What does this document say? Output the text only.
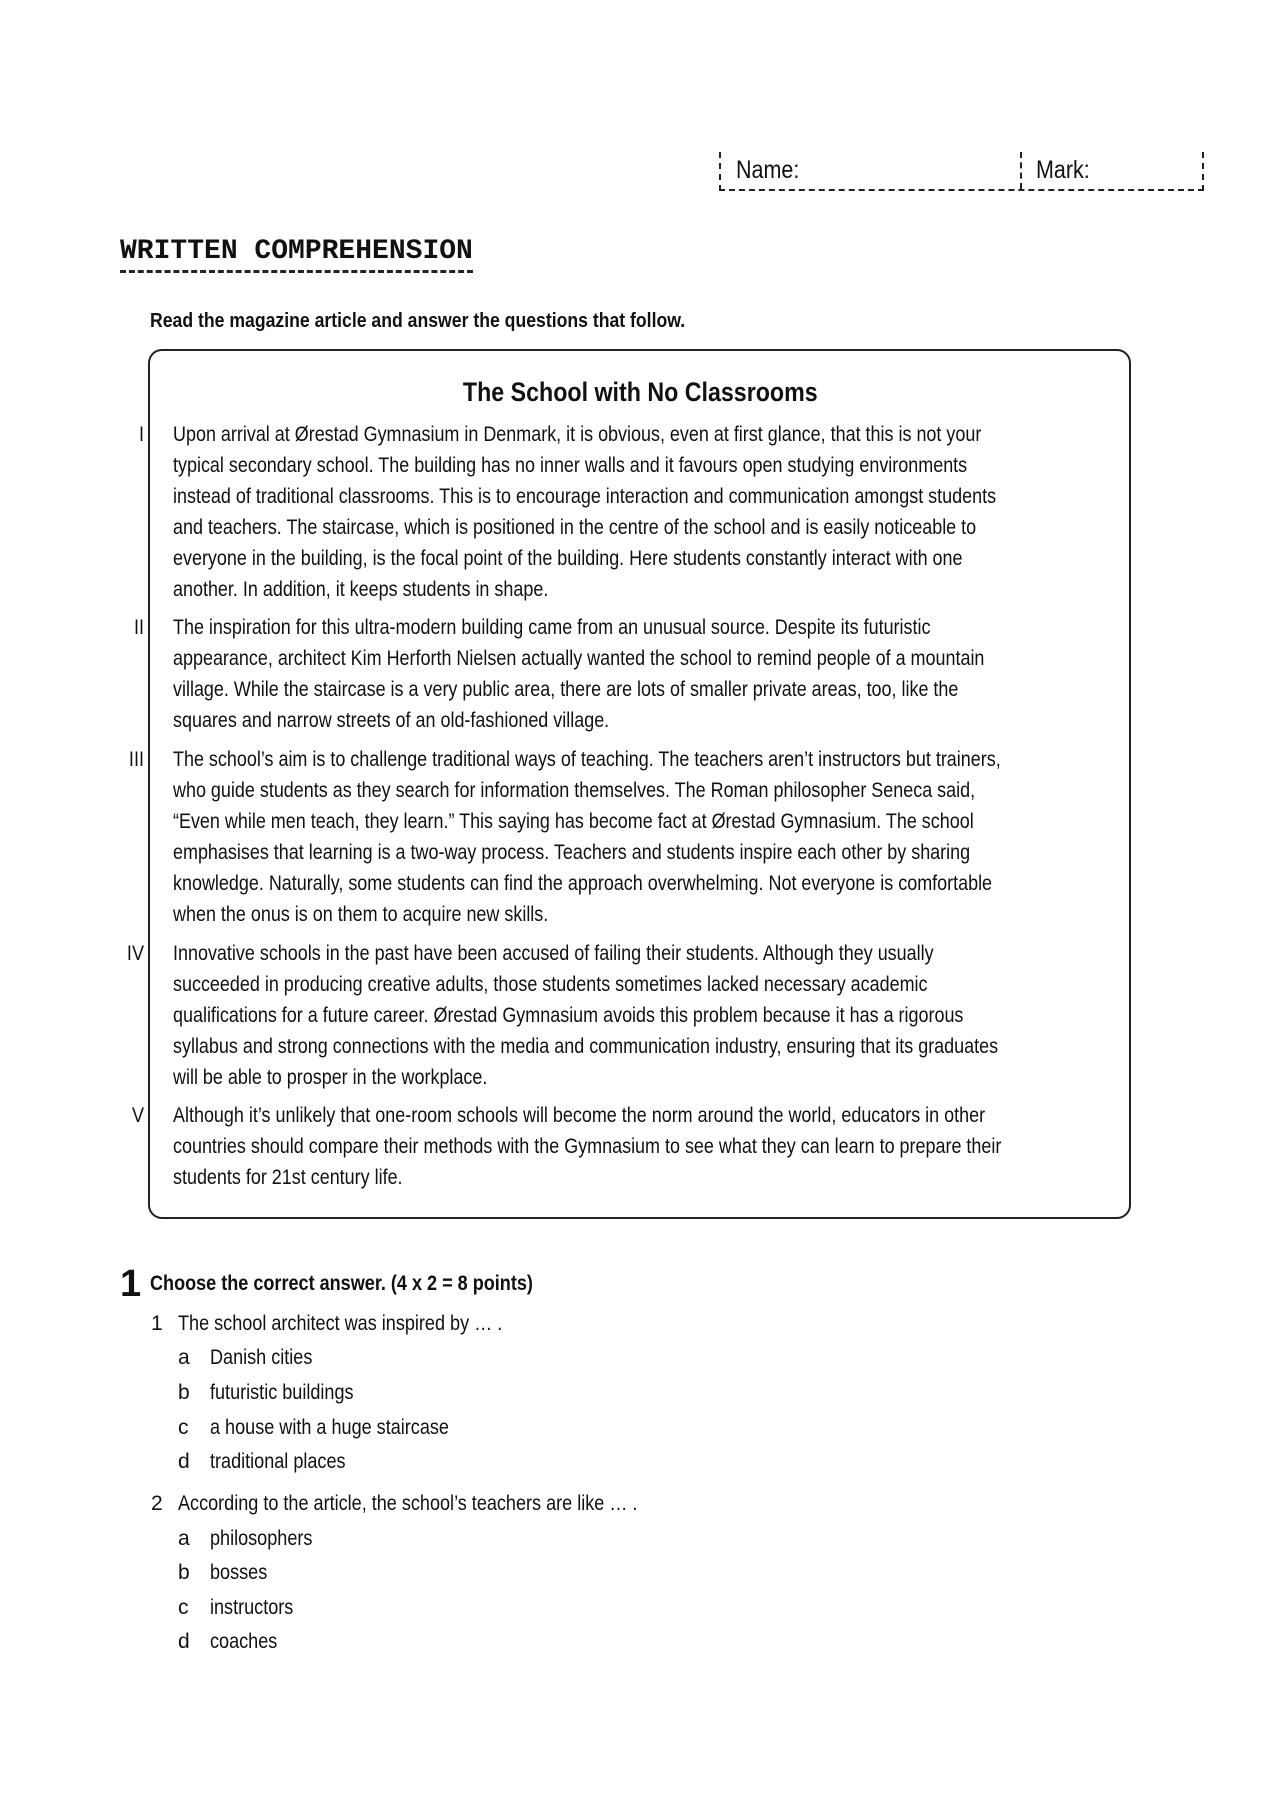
Name:	Mark:
WRITTEN COMPREHENSION
Read the magazine article and answer the questions that follow.
The School with No Classrooms
I Upon arrival at Ørestad Gymnasium in Denmark, it is obvious, even at first glance, that this is not your
typical secondary school. The building has no inner walls and it favours open studying environments
instead of traditional classrooms. This is to encourage interaction and communication amongst students
and teachers. The staircase, which is positioned in the centre of the school and is easily noticeable to
everyone in the building, is the focal point of the building. Here students constantly interact with one
another. In addition, it keeps students in shape.
II The inspiration for this ultra-modern building came from an unusual source. Despite its futuristic
appearance, architect Kim Herforth Nielsen actually wanted the school to remind people of a mountain
village. While the staircase is a very public area, there are lots of smaller private areas, too, like the
squares and narrow streets of an old-fashioned village.
III The school’s aim is to challenge traditional ways of teaching. The teachers aren’t instructors but trainers,
who guide students as they search for information themselves. The Roman philosopher Seneca said,
“Even while men teach, they learn.” This saying has become fact at Ørestad Gymnasium. The school
emphasises that learning is a two-way process. Teachers and students inspire each other by sharing
knowledge. Naturally, some students can find the approach overwhelming. Not everyone is comfortable
when the onus is on them to acquire new skills.
IV Innovative schools in the past have been accused of failing their students. Although they usually
succeeded in producing creative adults, those students sometimes lacked necessary academic
qualifications for a future career. Ørestad Gymnasium avoids this problem because it has a rigorous
syllabus and strong connections with the media and communication industry, ensuring that its graduates
will be able to prosper in the workplace.
V Although it’s unlikely that one-room schools will become the norm around the world, educators in other
countries should compare their methods with the Gymnasium to see what they can learn to prepare their
students for 21st century life.
1 Choose the correct answer. (4 x 2 = 8 points)
1 The school architect was inspired by … .
a Danish cities
b futuristic buildings
c a house with a huge staircase
d traditional places
2 According to the article, the school’s teachers are like … .
a philosophers
b bosses
c instructors
d coaches
